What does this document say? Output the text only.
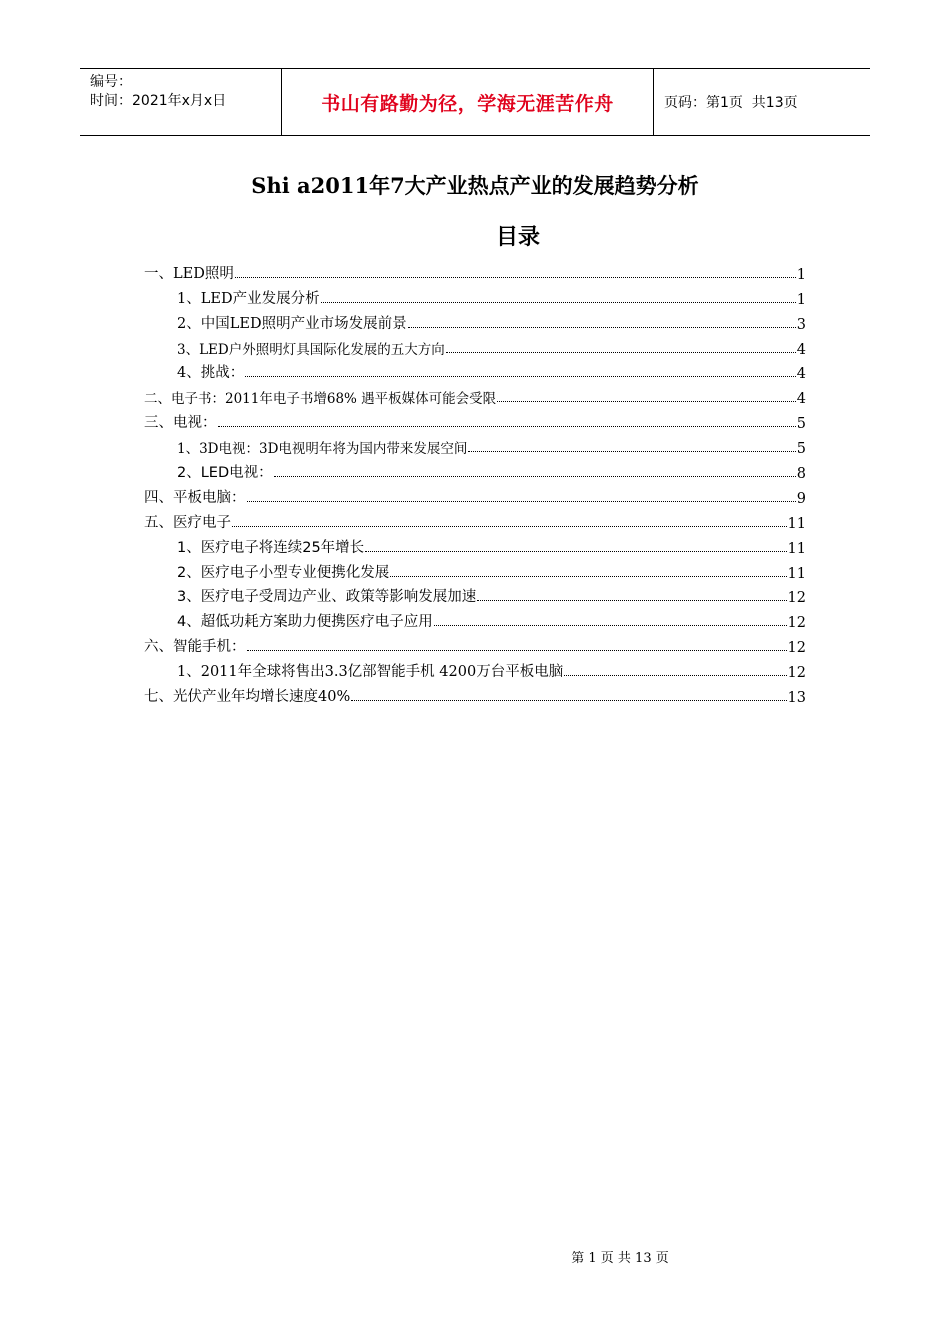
编号：
时间：2021年x月x日	书山有路勤为径，学海无涯苦作舟	页码：第1页  共13页
Shi a2011年7大产业热点产业的发展趋势分析
目录
一、LED照明	1
1、LED产业发展分析	1
2、中国LED照明产业市场发展前景	3
3、LED户外照明灯具国际化发展的五大方向	4
4、挑战：	4
二、电子书：2011年电子书增68% 遇平板媒体可能会受限	4
三、电视：	5
1、3D电视：3D电视明年将为国内带来发展空间	5
2、LED电视：	8
四、平板电脑：	9
五、医疗电子	11
1、医疗电子将连续25年增长	11
2、医疗电子小型专业便携化发展	11
3、医疗电子受周边产业、政策等影响发展加速	12
4、超低功耗方案助力便携医疗电子应用	12
六、智能手机：	12
1、2011年全球将售出3.3亿部智能手机 4200万台平板电脑	12
七、光伏产业年均增长速度40%	13
第 1 页 共 13 页
